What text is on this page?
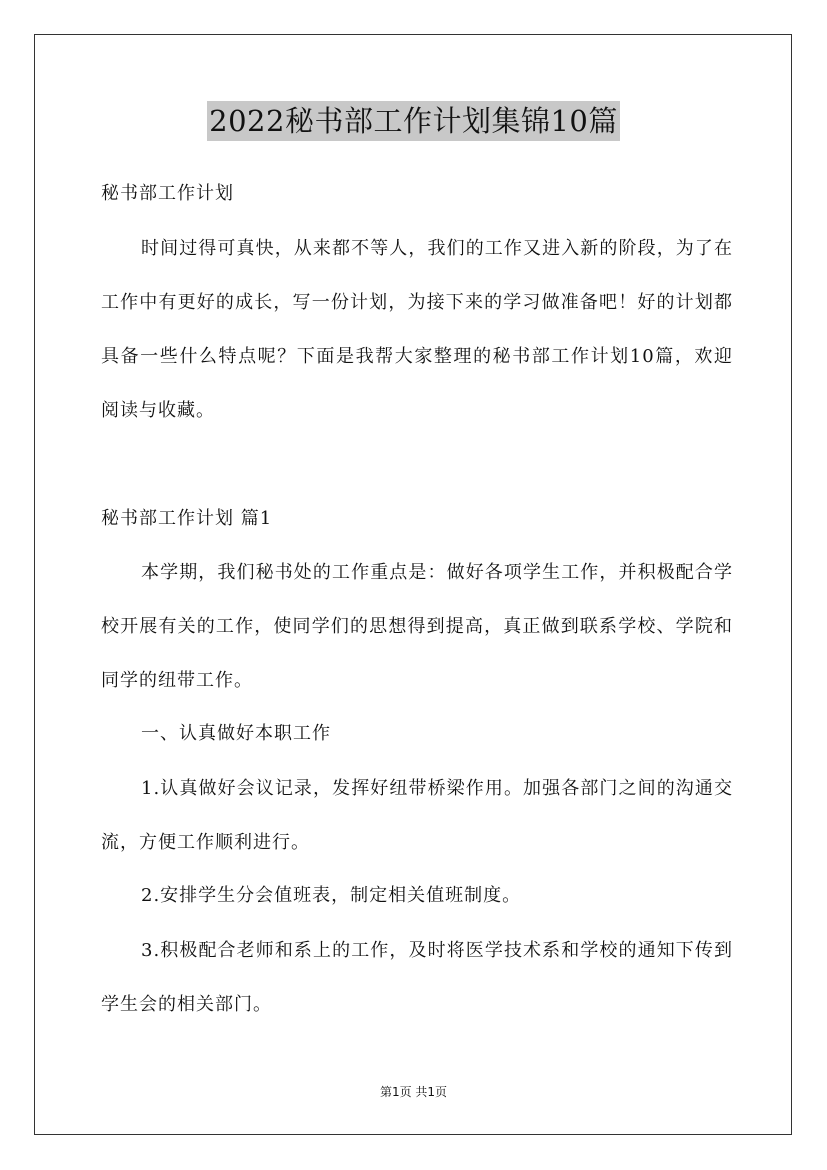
2022秘书部工作计划集锦10篇
秘书部工作计划

时间过得可真快，从来都不等人，我们的工作又进入新的阶段，为了在工作中有更好的成长，写一份计划，为接下来的学习做准备吧！好的计划都具备一些什么特点呢？下面是我帮大家整理的秘书部工作计划10篇，欢迎阅读与收藏。

秘书部工作计划 篇1

本学期，我们秘书处的工作重点是：做好各项学生工作，并积极配合学校开展有关的工作，使同学们的思想得到提高，真正做到联系学校、学院和同学的纽带工作。

一、认真做好本职工作

1.认真做好会议记录，发挥好纽带桥梁作用。加强各部门之间的沟通交流，方便工作顺利进行。

2.安排学生分会值班表，制定相关值班制度。

3.积极配合老师和系上的工作，及时将医学技术系和学校的通知下传到学生会的相关部门。

第1页 共1页
